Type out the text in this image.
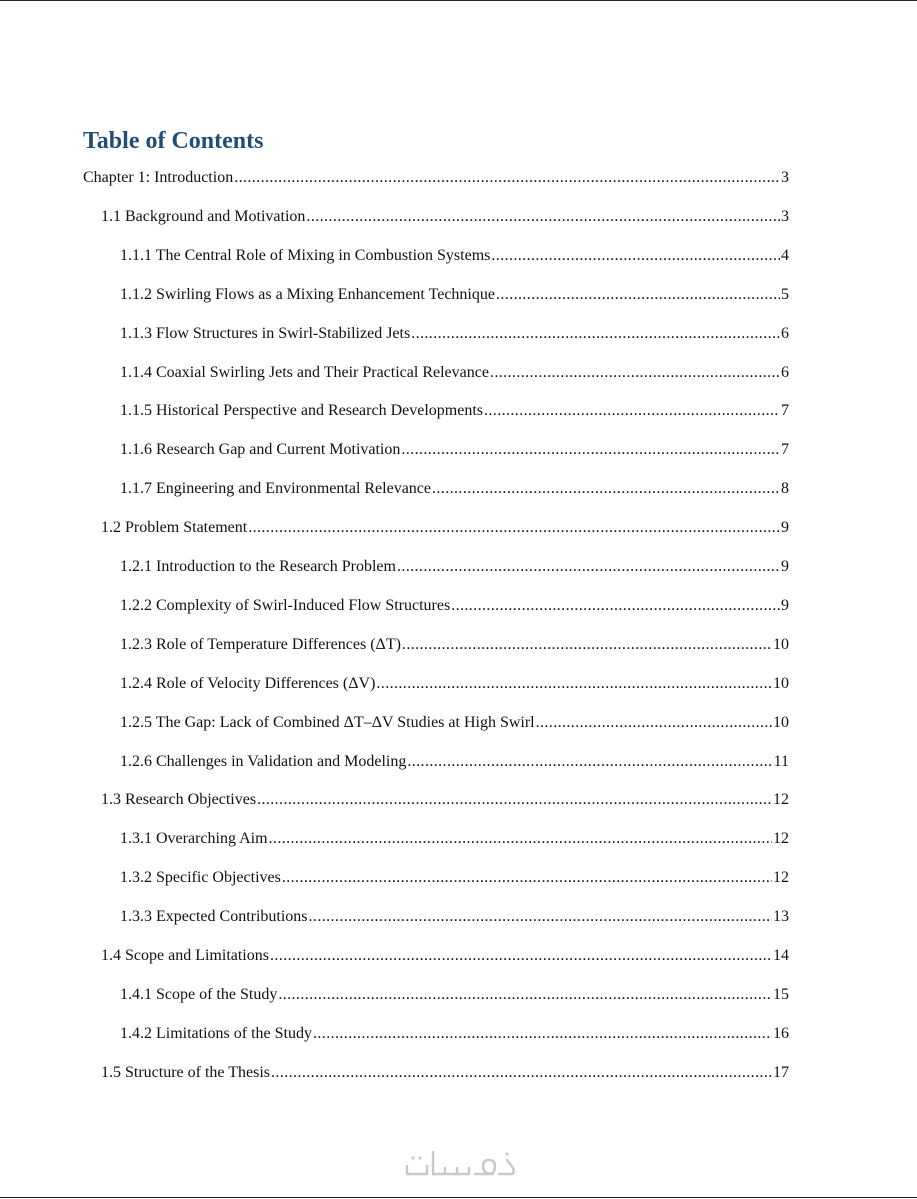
Table of Contents
Chapter 1: Introduction .....	3
1.1 Background and Motivation .....	3
1.1.1 The Central Role of Mixing in Combustion Systems .....	4
1.1.2 Swirling Flows as a Mixing Enhancement Technique .....	5
1.1.3 Flow Structures in Swirl-Stabilized Jets .....	6
1.1.4 Coaxial Swirling Jets and Their Practical Relevance .....	6
1.1.5 Historical Perspective and Research Developments .....	7
1.1.6 Research Gap and Current Motivation .....	7
1.1.7 Engineering and Environmental Relevance .....	8
1.2 Problem Statement .....	9
1.2.1 Introduction to the Research Problem .....	9
1.2.2 Complexity of Swirl-Induced Flow Structures .....	9
1.2.3 Role of Temperature Differences (ΔT) .....	10
1.2.4 Role of Velocity Differences (ΔV) .....	10
1.2.5 The Gap: Lack of Combined ΔT–ΔV Studies at High Swirl .....	10
1.2.6 Challenges in Validation and Modeling .....	11
1.3 Research Objectives .....	12
1.3.1 Overarching Aim .....	12
1.3.2 Specific Objectives .....	12
1.3.3 Expected Contributions .....	13
1.4 Scope and Limitations .....	14
1.4.1 Scope of the Study .....	15
1.4.2 Limitations of the Study .....	16
1.5 Structure of the Thesis .....	17
